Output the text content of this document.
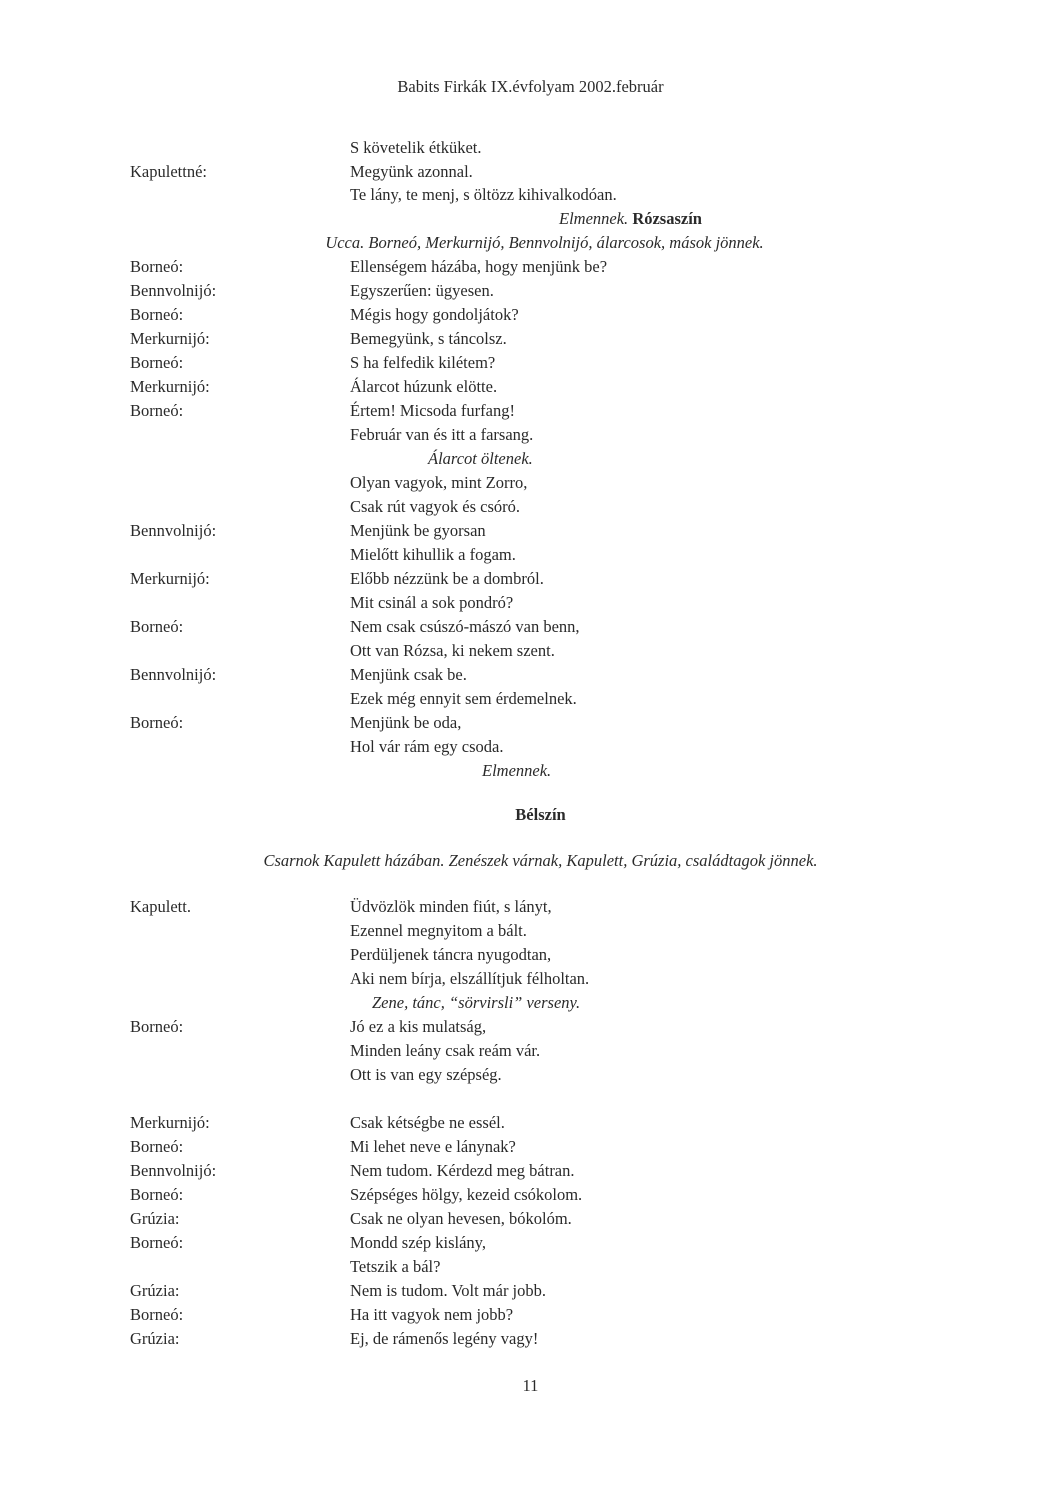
Babits Firkák IX.évfolyam 2002.február
S követelik étküket.
Kapulettné:	Megyünk azonnal.
Te lány, te menj, s öltözz kihivalkodóan.
Elmennek. Rózsaszín
Ucca. Borneó, Merkurnijó, Bennvolnijó, álarcosok, mások jönnek.
Borneó:	Ellenségem házába, hogy menjünk be?
Bennvolnijó:	Egyszerűen: ügyesen.
Borneó:	Mégis hogy gondoljátok?
Merkurnijó:	Bemegyünk, s táncolsz.
Borneó:	S ha felfedik kilétem?
Merkurnijó:	Álarcot húzunk elötte.
Borneó:	Értem! Micsoda furfang!
Február van és itt a farsang.
Álarcot öltenek.
Olyan vagyok, mint Zorro,
Csak rút vagyok és csóró.
Bennvolnijó:	Menjünk be gyorsan
Mielőtt kihullik a fogam.
Merkurnijó:	Előbb nézzünk be a dombról.
Mit csinál a sok pondró?
Borneó:	Nem csak csúszó-mászó van benn,
Ott van Rózsa, ki nekem szent.
Bennvolnijó:	Menjünk csak be.
Ezek még ennyit sem érdemelnek.
Borneó:	Menjünk be oda,
Hol vár rám egy csoda.
Elmennek.
Bélszín
Csarnok Kapulett házában. Zenészek várnak, Kapulett, Grúzia, családtagok jönnek.
Kapulett.	Üdvözlök minden fiút, s lányt,
Ezennel megnyitom a bált.
Perdüljenek táncra nyugodtan,
Aki nem bírja, elszállítjuk félholtan.
Zene, tánc, “sörvirsli” verseny.
Borneó:	Jó ez a kis mulatság,
Minden leány csak reám vár.
Ott is van egy szépség.
Merkurnijó:	Csak kétségbe ne essél.
Borneó:	Mi lehet neve e lánynak?
Bennvolnijó:	Nem tudom. Kérdezd meg bátran.
Borneó:	Szépséges hölgy, kezeid csókolom.
Grúzia:	Csak ne olyan hevesen, bókolóm.
Borneó:	Mondd szép kislány,
Tetszik a bál?
Grúzia:	Nem is tudom. Volt már jobb.
Borneó:	Ha itt vagyok nem jobb?
Grúzia:	Ej, de rámenős legény vagy!
11
